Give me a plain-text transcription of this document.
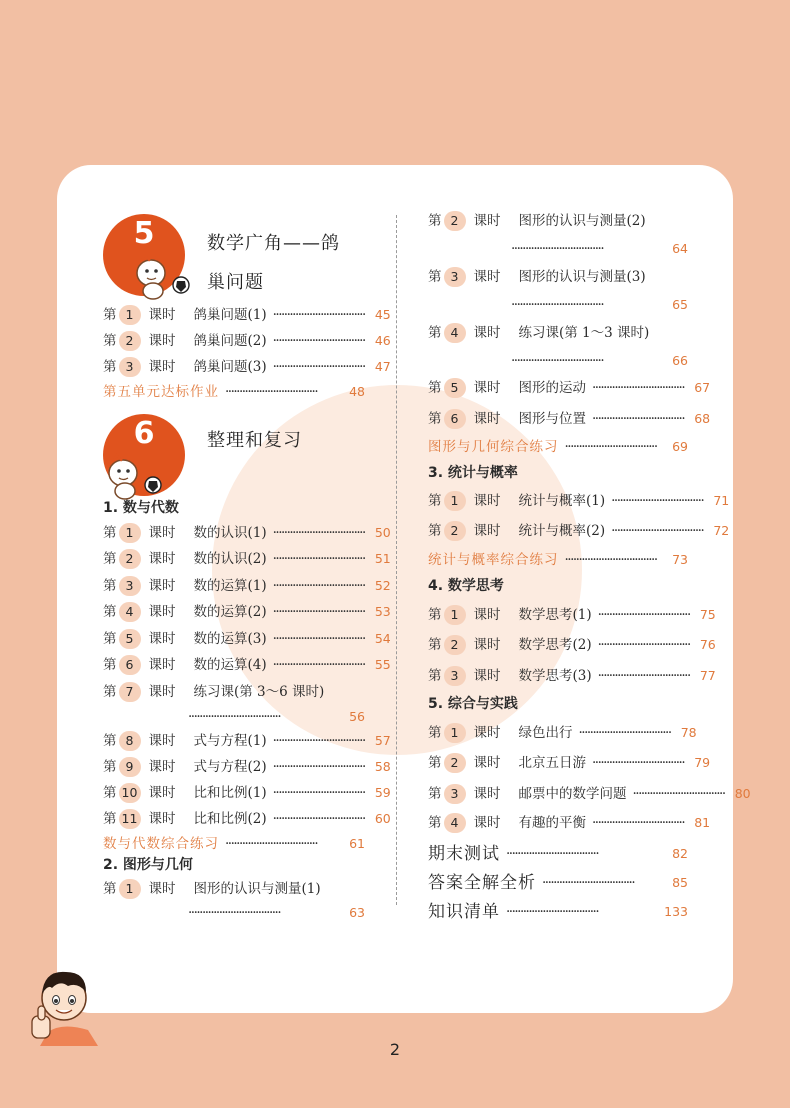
5	数学广角——鸽巢问题
第 1	课时 鸽巢问题(1) ································· 45
第 2	课时 鸽巢问题(2) ································· 46
第 3	课时 鸽巢问题(3) ································· 47
第五单元达标作业 ·································	48
6	整理和复习
1. 数与代数
第 1	课时 数的认识(1) ································· 50
第 2	课时 数的认识(2) ································· 51
第 3	课时 数的运算(1) ································· 52
第 4	课时 数的运算(2) ································· 53
第 5	课时 数的运算(3) ································· 54
第 6	课时 数的运算(4) ································· 55
第 7	课时 练习课(第 3～6 课时)
·································	56
第 8	课时 式与方程(1) ································· 57
第 9	课时 式与方程(2) ································· 58
第 10 课时 比和比例(1) ································· 59
第 11 课时 比和比例(2) ································· 60
数与代数综合练习 ·································	61
2. 图形与几何
第 1	课时 图形的认识与测量(1)
·································	63
第 2	课时 图形的认识与测量(2)
·································	64
第 3	课时 图形的认识与测量(3)
·································	65
第 4	课时 练习课(第 1～3 课时)
·································	66
第 5	课时 图形的运动 ································· 67
第 6	课时 图形与位置 ································· 68
图形与几何综合练习 ·································	69
3. 统计与概率
第 1	课时 统计与概率(1) ································· 71
第 2	课时 统计与概率(2) ································· 72
统计与概率综合练习 ·································	73
4. 数学思考
第 1	课时 数学思考(1) ································· 75
第 2	课时 数学思考(2) ································· 76
第 3	课时 数学思考(3) ································· 77
5. 综合与实践
第 1	课时 绿色出行 ································· 78
第 2	课时 北京五日游 ································· 79
第 3	课时 邮票中的数学问题 ································· 80
第 4	课时 有趣的平衡 ································· 81
期末测试 ·································	82
答案全解全析 ·································	85
知识清单 ·································	133
2
